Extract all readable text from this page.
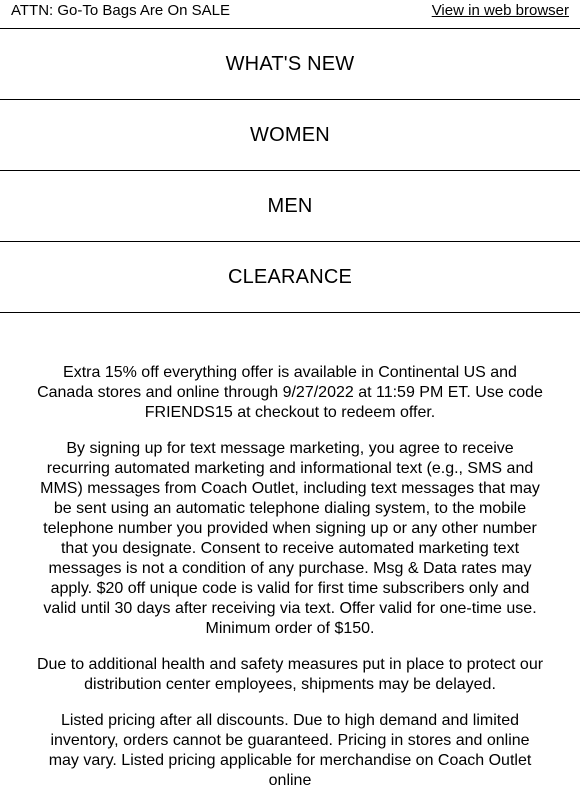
ATTN: Go-To Bags Are On SALE	View in web browser
WHAT'S NEW
WOMEN
MEN
CLEARANCE

Extra 15% off everything offer is available in Continental US and Canada stores and online through 9/27/2022 at 11:59 PM ET. Use code FRIENDS15 at checkout to redeem offer.

By signing up for text message marketing, you agree to receive recurring automated marketing and informational text (e.g., SMS and MMS) messages from Coach Outlet, including text messages that may be sent using an automatic telephone dialing system, to the mobile telephone number you provided when signing up or any other number that you designate. Consent to receive automated marketing text messages is not a condition of any purchase. Msg & Data rates may apply. $20 off unique code is valid for first time subscribers only and valid until 30 days after receiving via text. Offer valid for one-time use. Minimum order of $150.

Due to additional health and safety measures put in place to protect our distribution center employees, shipments may be delayed.

Listed pricing after all discounts. Due to high demand and limited inventory, orders cannot be guaranteed. Pricing in stores and online may vary. Listed pricing applicable for merchandise on Coach Outlet online
